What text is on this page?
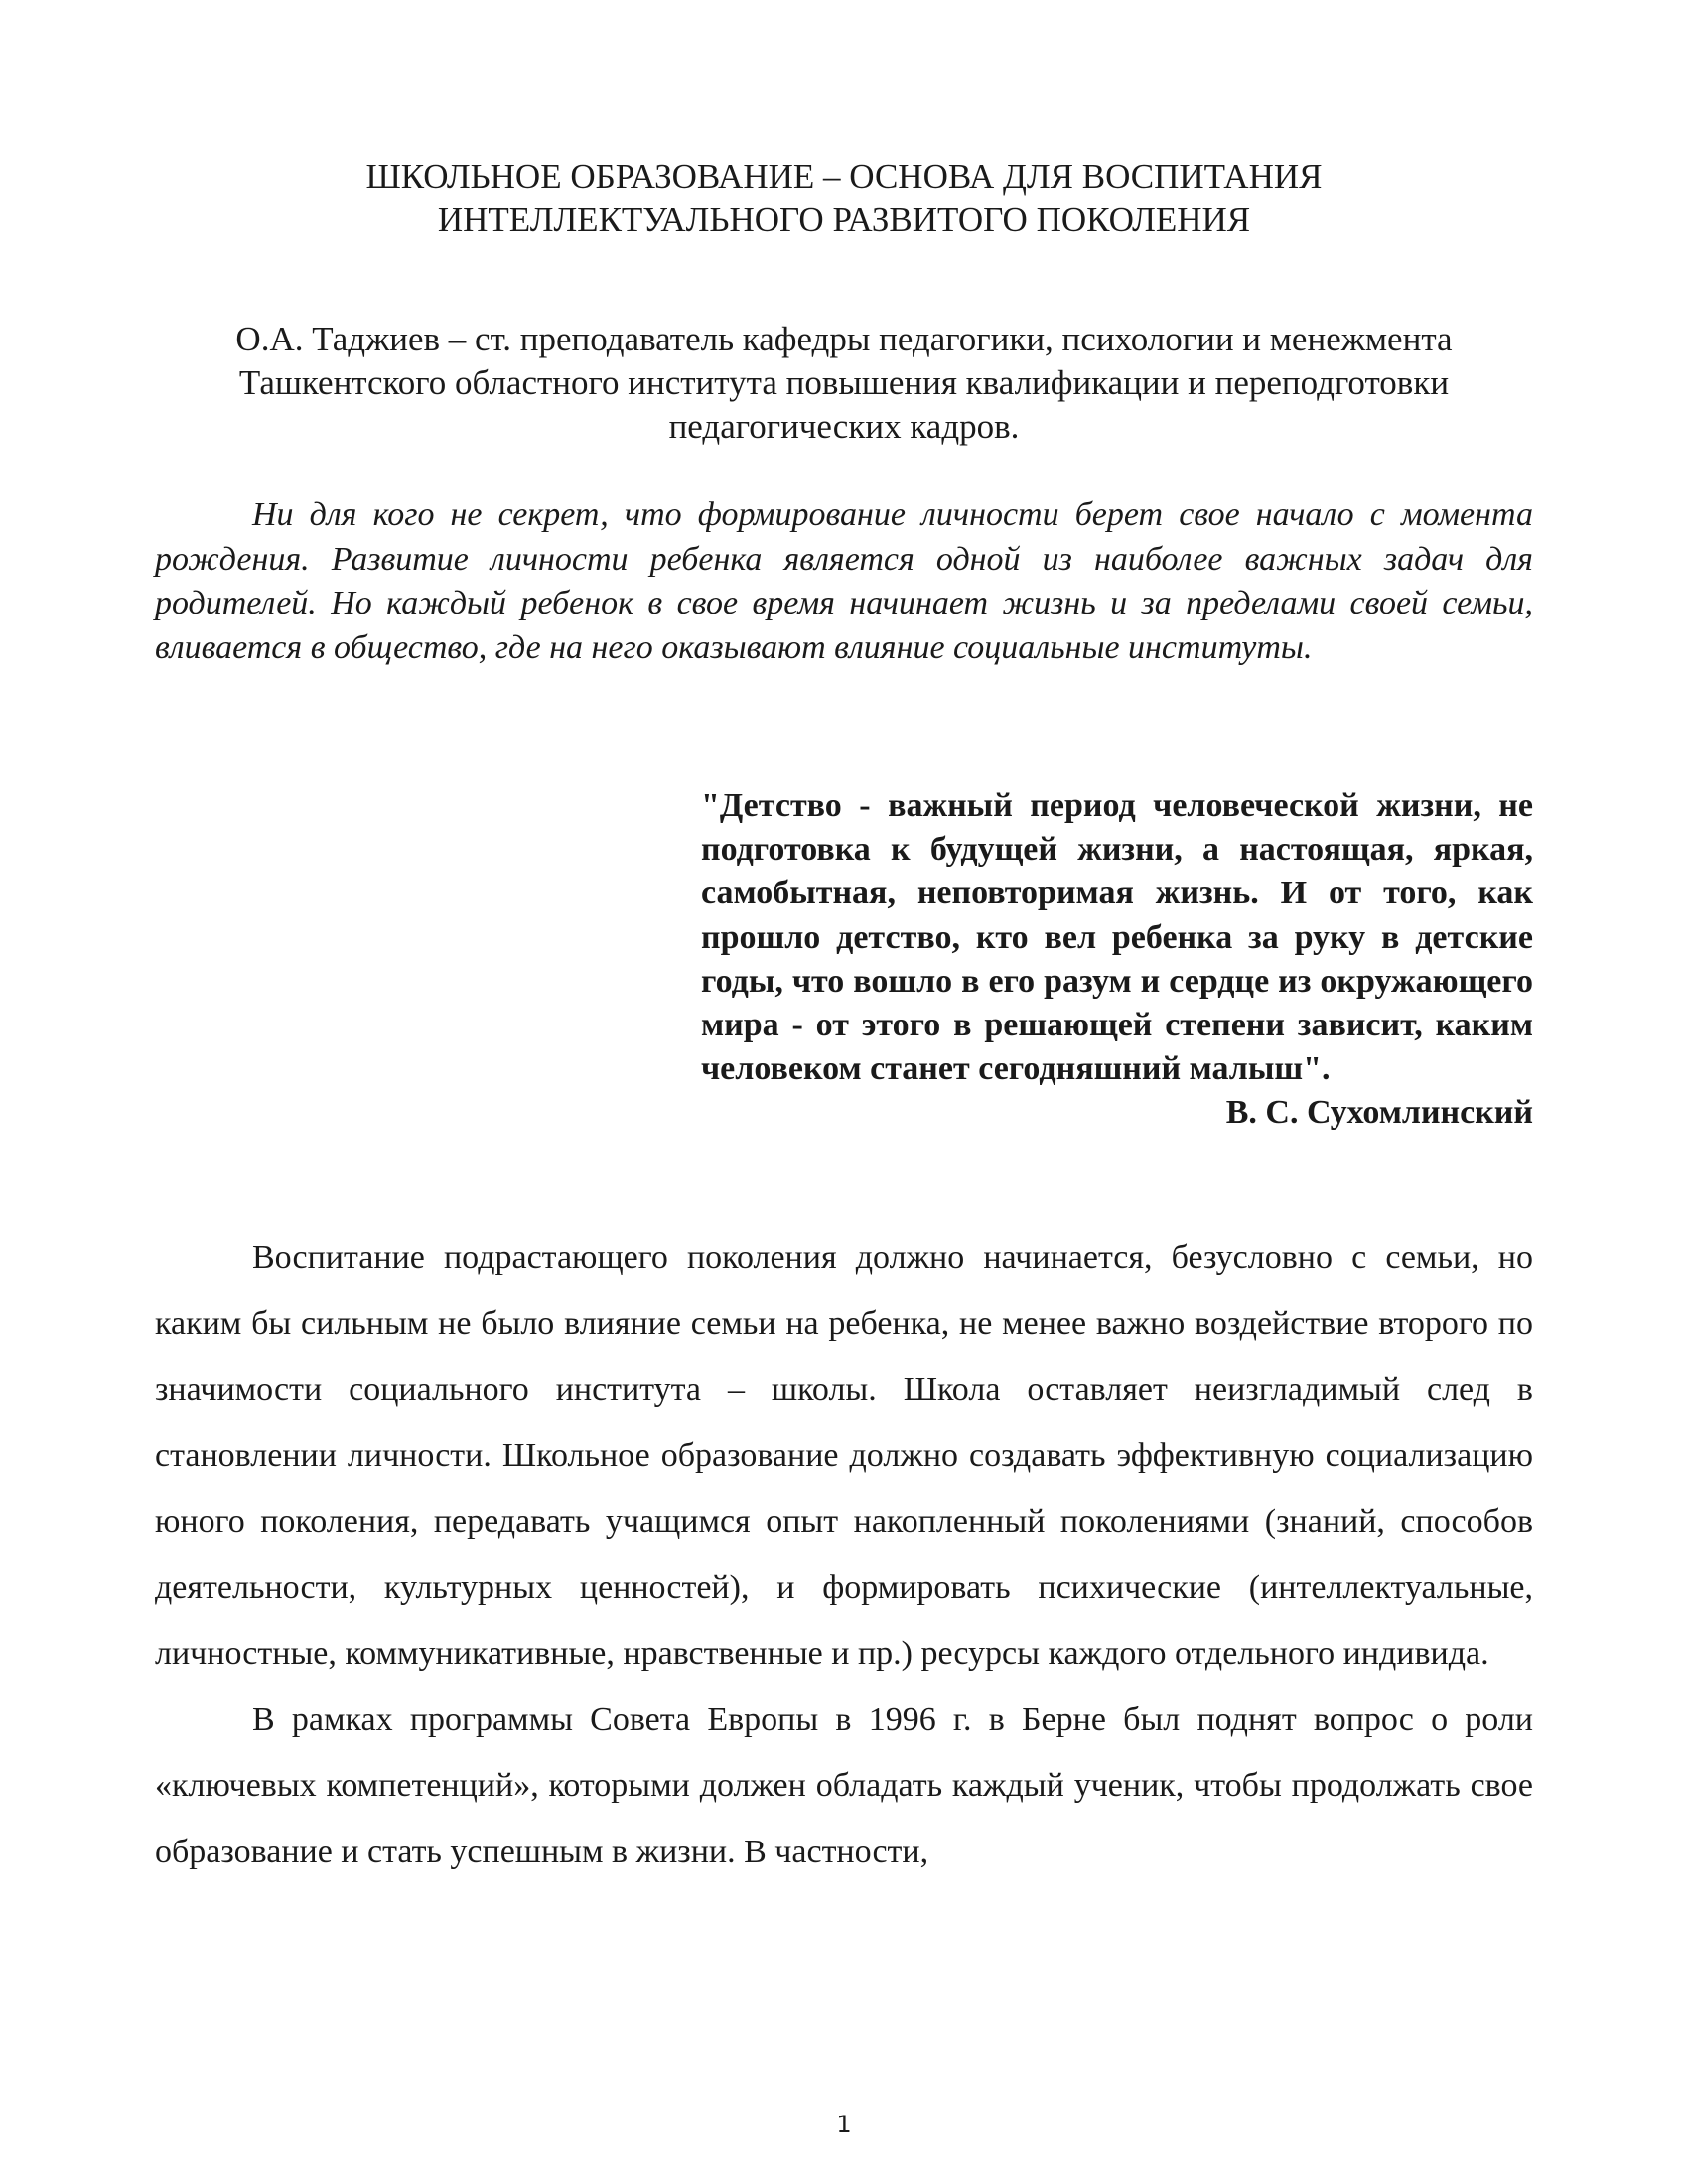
ШКОЛЬНОЕ ОБРАЗОВАНИЕ – ОСНОВА ДЛЯ ВОСПИТАНИЯ
ИНТЕЛЛЕКТУАЛЬНОГО РАЗВИТОГО ПОКОЛЕНИЯ

О.А. Таджиев – ст. преподаватель кафедры педагогики, психологии и менежмента
Ташкентского областного института повышения квалификации и переподготовки
педагогических кадров.

Ни для кого не секрет, что формирование личности берет свое начало с момента рождения. Развитие личности ребенка является одной из наиболее важных задач для родителей. Но каждый ребенок в свое время начинает жизнь и за пределами своей семьи, вливается в общество, где на него оказывают влияние социальные институты.

"Детство - важный период человеческой жизни, не подготовка к будущей жизни, а настоящая, яркая, самобытная, неповторимая жизнь. И от того, как прошло детство, кто вел ребенка за руку в детские годы, что вошло в его разум и сердце из окружающего мира - от этого в решающей степени зависит, каким человеком станет сегодняшний малыш".

В. С. Сухомлинский

Воспитание подрастающего поколения должно начинается, безусловно с семьи, но каким бы сильным не было влияние семьи на ребенка, не менее важно воздействие второго по значимости социального института – школы. Школа оставляет неизгладимый след в становлении личности. Школьное образование должно создавать эффективную социализацию юного поколения, передавать учащимся опыт накопленный поколениями (знаний, способов деятельности, культурных ценностей), и формировать психические (интеллектуальные, личностные, коммуникативные, нравственные и пр.) ресурсы каждого отдельного индивида.

В рамках программы Совета Европы в 1996 г. в Берне был поднят вопрос о роли «ключевых компетенций», которыми должен обладать каждый ученик, чтобы продолжать свое образование и стать успешным в жизни. В частности,

1
